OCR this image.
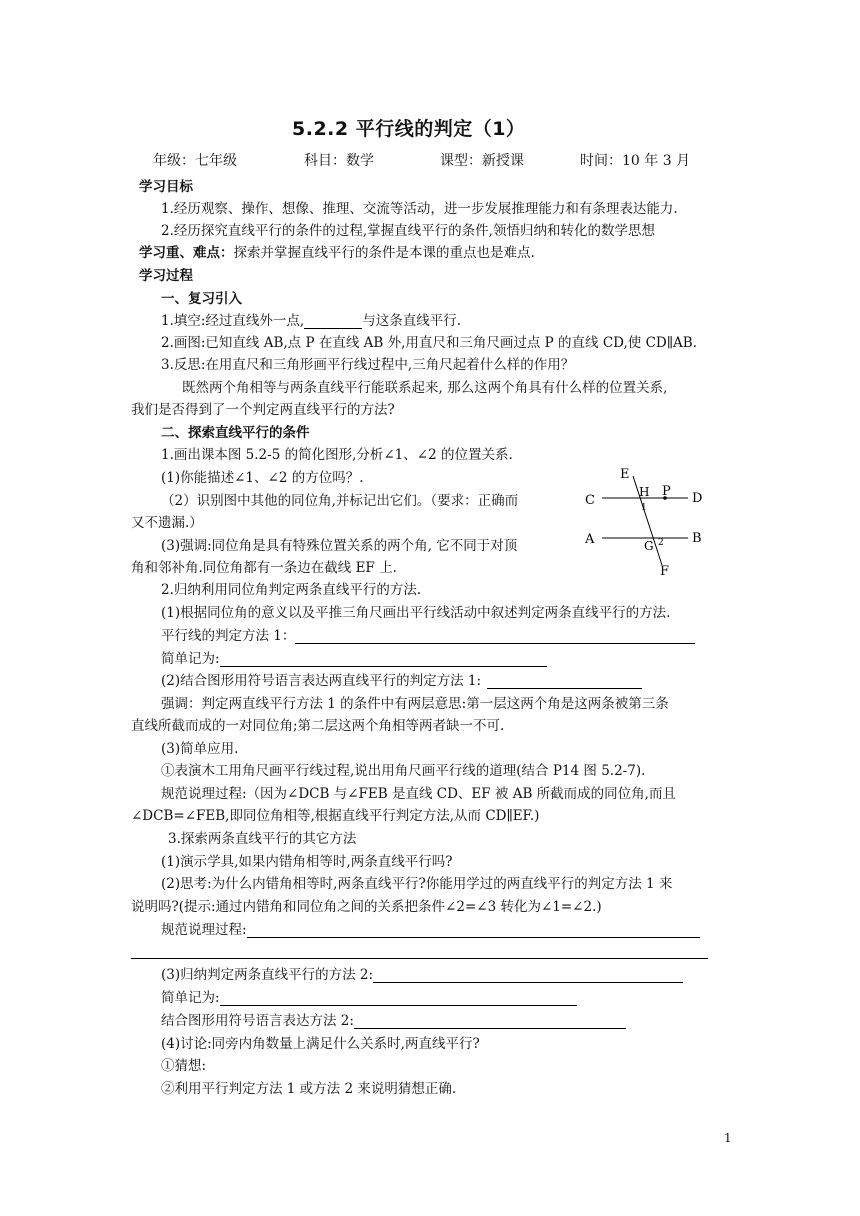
5.2.2 平行线的判定（1）
年级：七年级	科目：数学	课型：新授课	时间：10 年 3 月
学习目标
1.经历观察、操作、想像、推理、交流等活动，进一步发展推理能力和有条理表达能力.
2.经历探究直线平行的条件的过程,掌握直线平行的条件,领悟归纳和转化的数学思想
学习重、难点：探索并掌握直线平行的条件是本课的重点也是难点.
学习过程
一、复习引入
1.填空:经过直线外一点,	与这条直线平行.
2.画图:已知直线 AB,点 P 在直线 AB 外,用直尺和三角尺画过点 P 的直线 CD,使 CD∥AB.
3.反思:在用直尺和三角形画平行线过程中,三角尺起着什么样的作用？
既然两个角相等与两条直线平行能联系起来, 那么这两个角具有什么样的位置关系,
我们是否得到了一个判定两直线平行的方法?
二、探索直线平行的条件
1.画出课本图 5.2-5 的简化图形,分析∠1、∠2 的位置关系.
(1)你能描述∠1、∠2 的方位吗？.
（2）识别图中其他的同位角,并标记出它们。（要求：正确而
又不遗漏.）
(3)强调:同位角是具有特殊位置关系的两个角, 它不同于对顶
角和邻补角.同位角都有一条边在截线 EF 上.
E
H P
C	D
1
A	G 2 B
F
2.归纳利用同位角判定两条直线平行的方法.
(1)根据同位角的意义以及平推三角尺画出平行线活动中叙述判定两条直线平行的方法.
平行线的判定方法 1：
简单记为:
(2)结合图形用符号语言表达两直线平行的判定方法 1:
强调：判定两直线平行方法 1 的条件中有两层意思:第一层这两个角是这两条被第三条
直线所截而成的一对同位角;第二层这两个角相等两者缺一不可.
(3)简单应用.
①表演木工用角尺画平行线过程,说出用角尺画平行线的道理(结合 P14 图 5.2-7).
规范说理过程:（因为∠DCB 与∠FEB 是直线 CD、EF 被 AB 所截而成的同位角,而且
∠DCB=∠FEB,即同位角相等,根据直线平行判定方法,从而 CD∥EF.)
3.探索两条直线平行的其它方法
(1)演示学具,如果内错角相等时,两条直线平行吗?
(2)思考:为什么内错角相等时,两条直线平行?你能用学过的两直线平行的判定方法 1 来
说明吗?(提示:通过内错角和同位角之间的关系把条件∠2=∠3 转化为∠1=∠2.)
规范说理过程:
(3)归纳判定两条直线平行的方法 2:
简单记为:
结合图形用符号语言表达方法 2:
(4)讨论:同旁内角数量上满足什么关系时,两直线平行?
①猜想:
②利用平行判定方法 1 或方法 2 来说明猜想正确.
1
